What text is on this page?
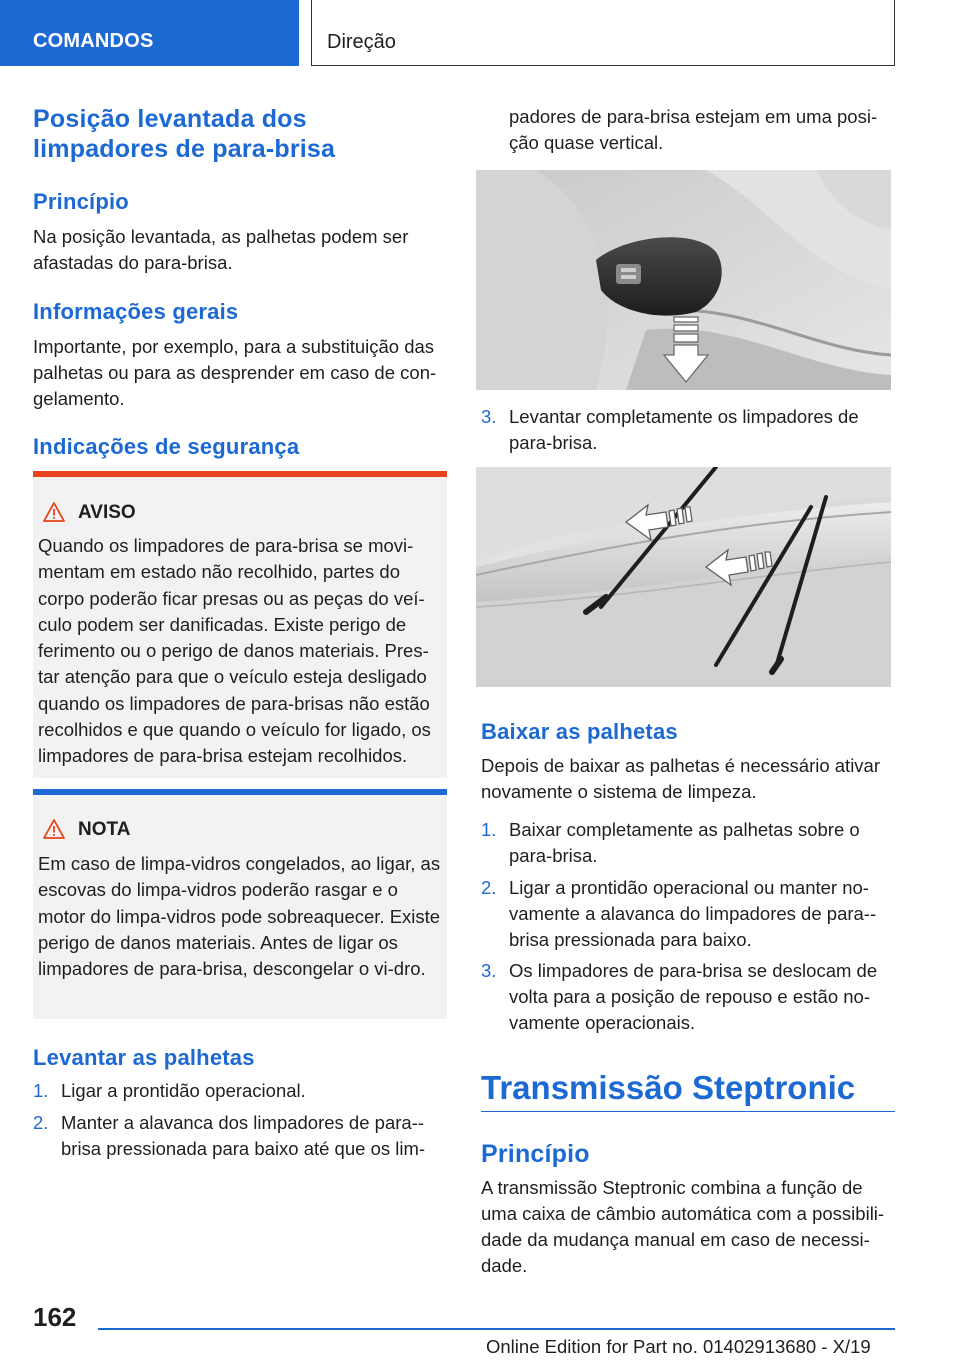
COMANDOS	Direção
Posição levantada dos limpadores de para-brisa
Princípio
Na posição levantada, as palhetas podem ser afastadas do para-brisa.
Informações gerais
Importante, por exemplo, para a substituição das palhetas ou para as desprender em caso de con-gelamento.
Indicações de segurança
AVISO
Quando os limpadores de para-brisa se movi-mentam em estado não recolhido, partes do corpo poderão ficar presas ou as peças do veí-culo podem ser danificadas. Existe perigo de ferimento ou o perigo de danos materiais. Pres-tar atenção para que o veículo esteja desligado quando os limpadores de para-brisas não estão recolhidos e que quando o veículo for ligado, os limpadores de para-brisa estejam recolhidos.
NOTA
Em caso de limpa-vidros congelados, ao ligar, as escovas do limpa-vidros poderão rasgar e o motor do limpa-vidros pode sobreaquecer. Existe perigo de danos materiais. Antes de ligar os limpadores de para-brisa, descongelar o vi-dro.
Levantar as palhetas
1. Ligar a prontidão operacional.
2. Manter a alavanca dos limpadores de para--brisa pressionada para baixo até que os lim-
padores de para-brisa estejam em uma posi-ção quase vertical.
3. Levantar completamente os limpadores de para-brisa.
Baixar as palhetas
Depois de baixar as palhetas é necessário ativar novamente o sistema de limpeza.
1. Baixar completamente as palhetas sobre o para-brisa.
2. Ligar a prontidão operacional ou manter no-vamente a alavanca do limpadores de para--brisa pressionada para baixo.
3. Os limpadores de para-brisa se deslocam de volta para a posição de repouso e estão no-vamente operacionais.
Transmissão Steptronic
Princípio
A transmissão Steptronic combina a função de uma caixa de câmbio automática com a possibili-dade da mudança manual em caso de necessi-dade.
162
Online Edition for Part no. 01402913680 - X/19
